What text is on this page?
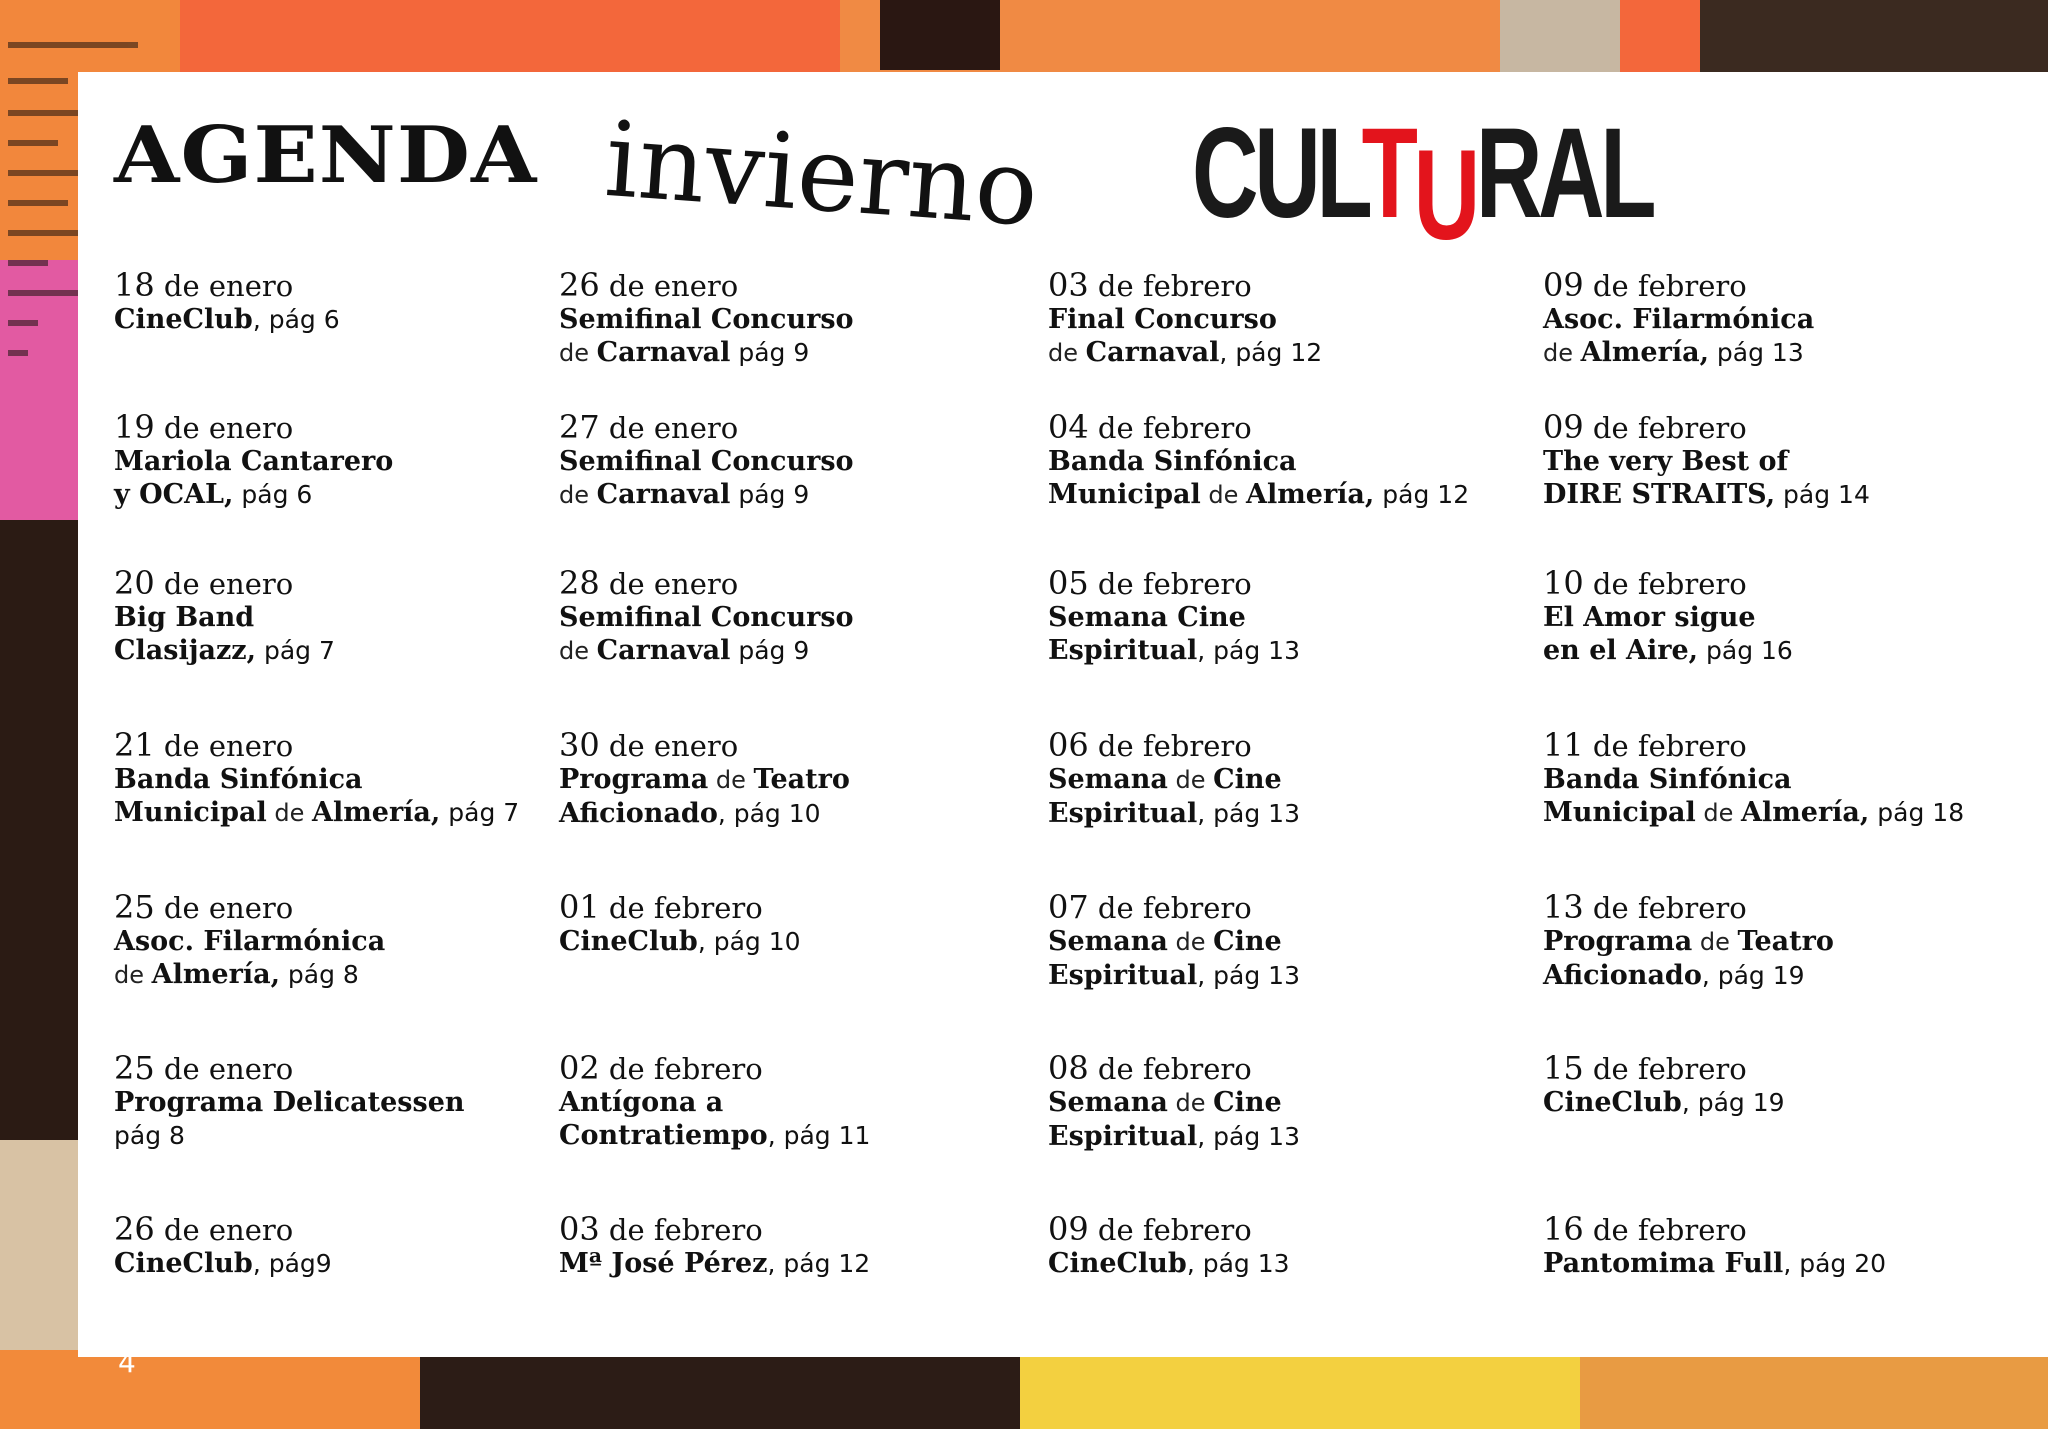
AGENDA invierno CULTURAL
18 de enero
CineClub, pág 6
19 de enero
Mariola Cantarero
y OCAL, pág 6
20 de enero
Big Band
Clasijazz, pág 7
21 de enero
Banda Sinfónica
Municipal de Almería, pág 7
25 de enero
Asoc. Filarmónica
de Almería, pág 8
25 de enero
Programa Delicatessen
pág 8
26 de enero
CineClub, pág9
26 de enero
Semifinal Concurso
de Carnaval pág 9
27 de enero
Semifinal Concurso
de Carnaval pág 9
28 de enero
Semifinal Concurso
de Carnaval pág 9
30 de enero
Programa de Teatro
Aficionado, pág 10
01 de febrero
CineClub, pág 10
02 de febrero
Antígona a
Contratiempo, pág 11
03 de febrero
Mª José Pérez, pág 12
03 de febrero
Final Concurso
de Carnaval, pág 12
04 de febrero
Banda Sinfónica
Municipal de Almería, pág 12
05 de febrero
Semana Cine
Espiritual, pág 13
06 de febrero
Semana de Cine
Espiritual, pág 13
07 de febrero
Semana de Cine
Espiritual, pág 13
08 de febrero
Semana de Cine
Espiritual, pág 13
09 de febrero
CineClub, pág 13
09 de febrero
Asoc. Filarmónica
de Almería, pág 13
09 de febrero
The very Best of
DIRE STRAITS, pág 14
10 de febrero
El Amor sigue
en el Aire, pág 16
11 de febrero
Banda Sinfónica
Municipal de Almería, pág 18
13 de febrero
Programa de Teatro
Aficionado, pág 19
15 de febrero
CineClub, pág 19
16 de febrero
Pantomima Full, pág 20
4
